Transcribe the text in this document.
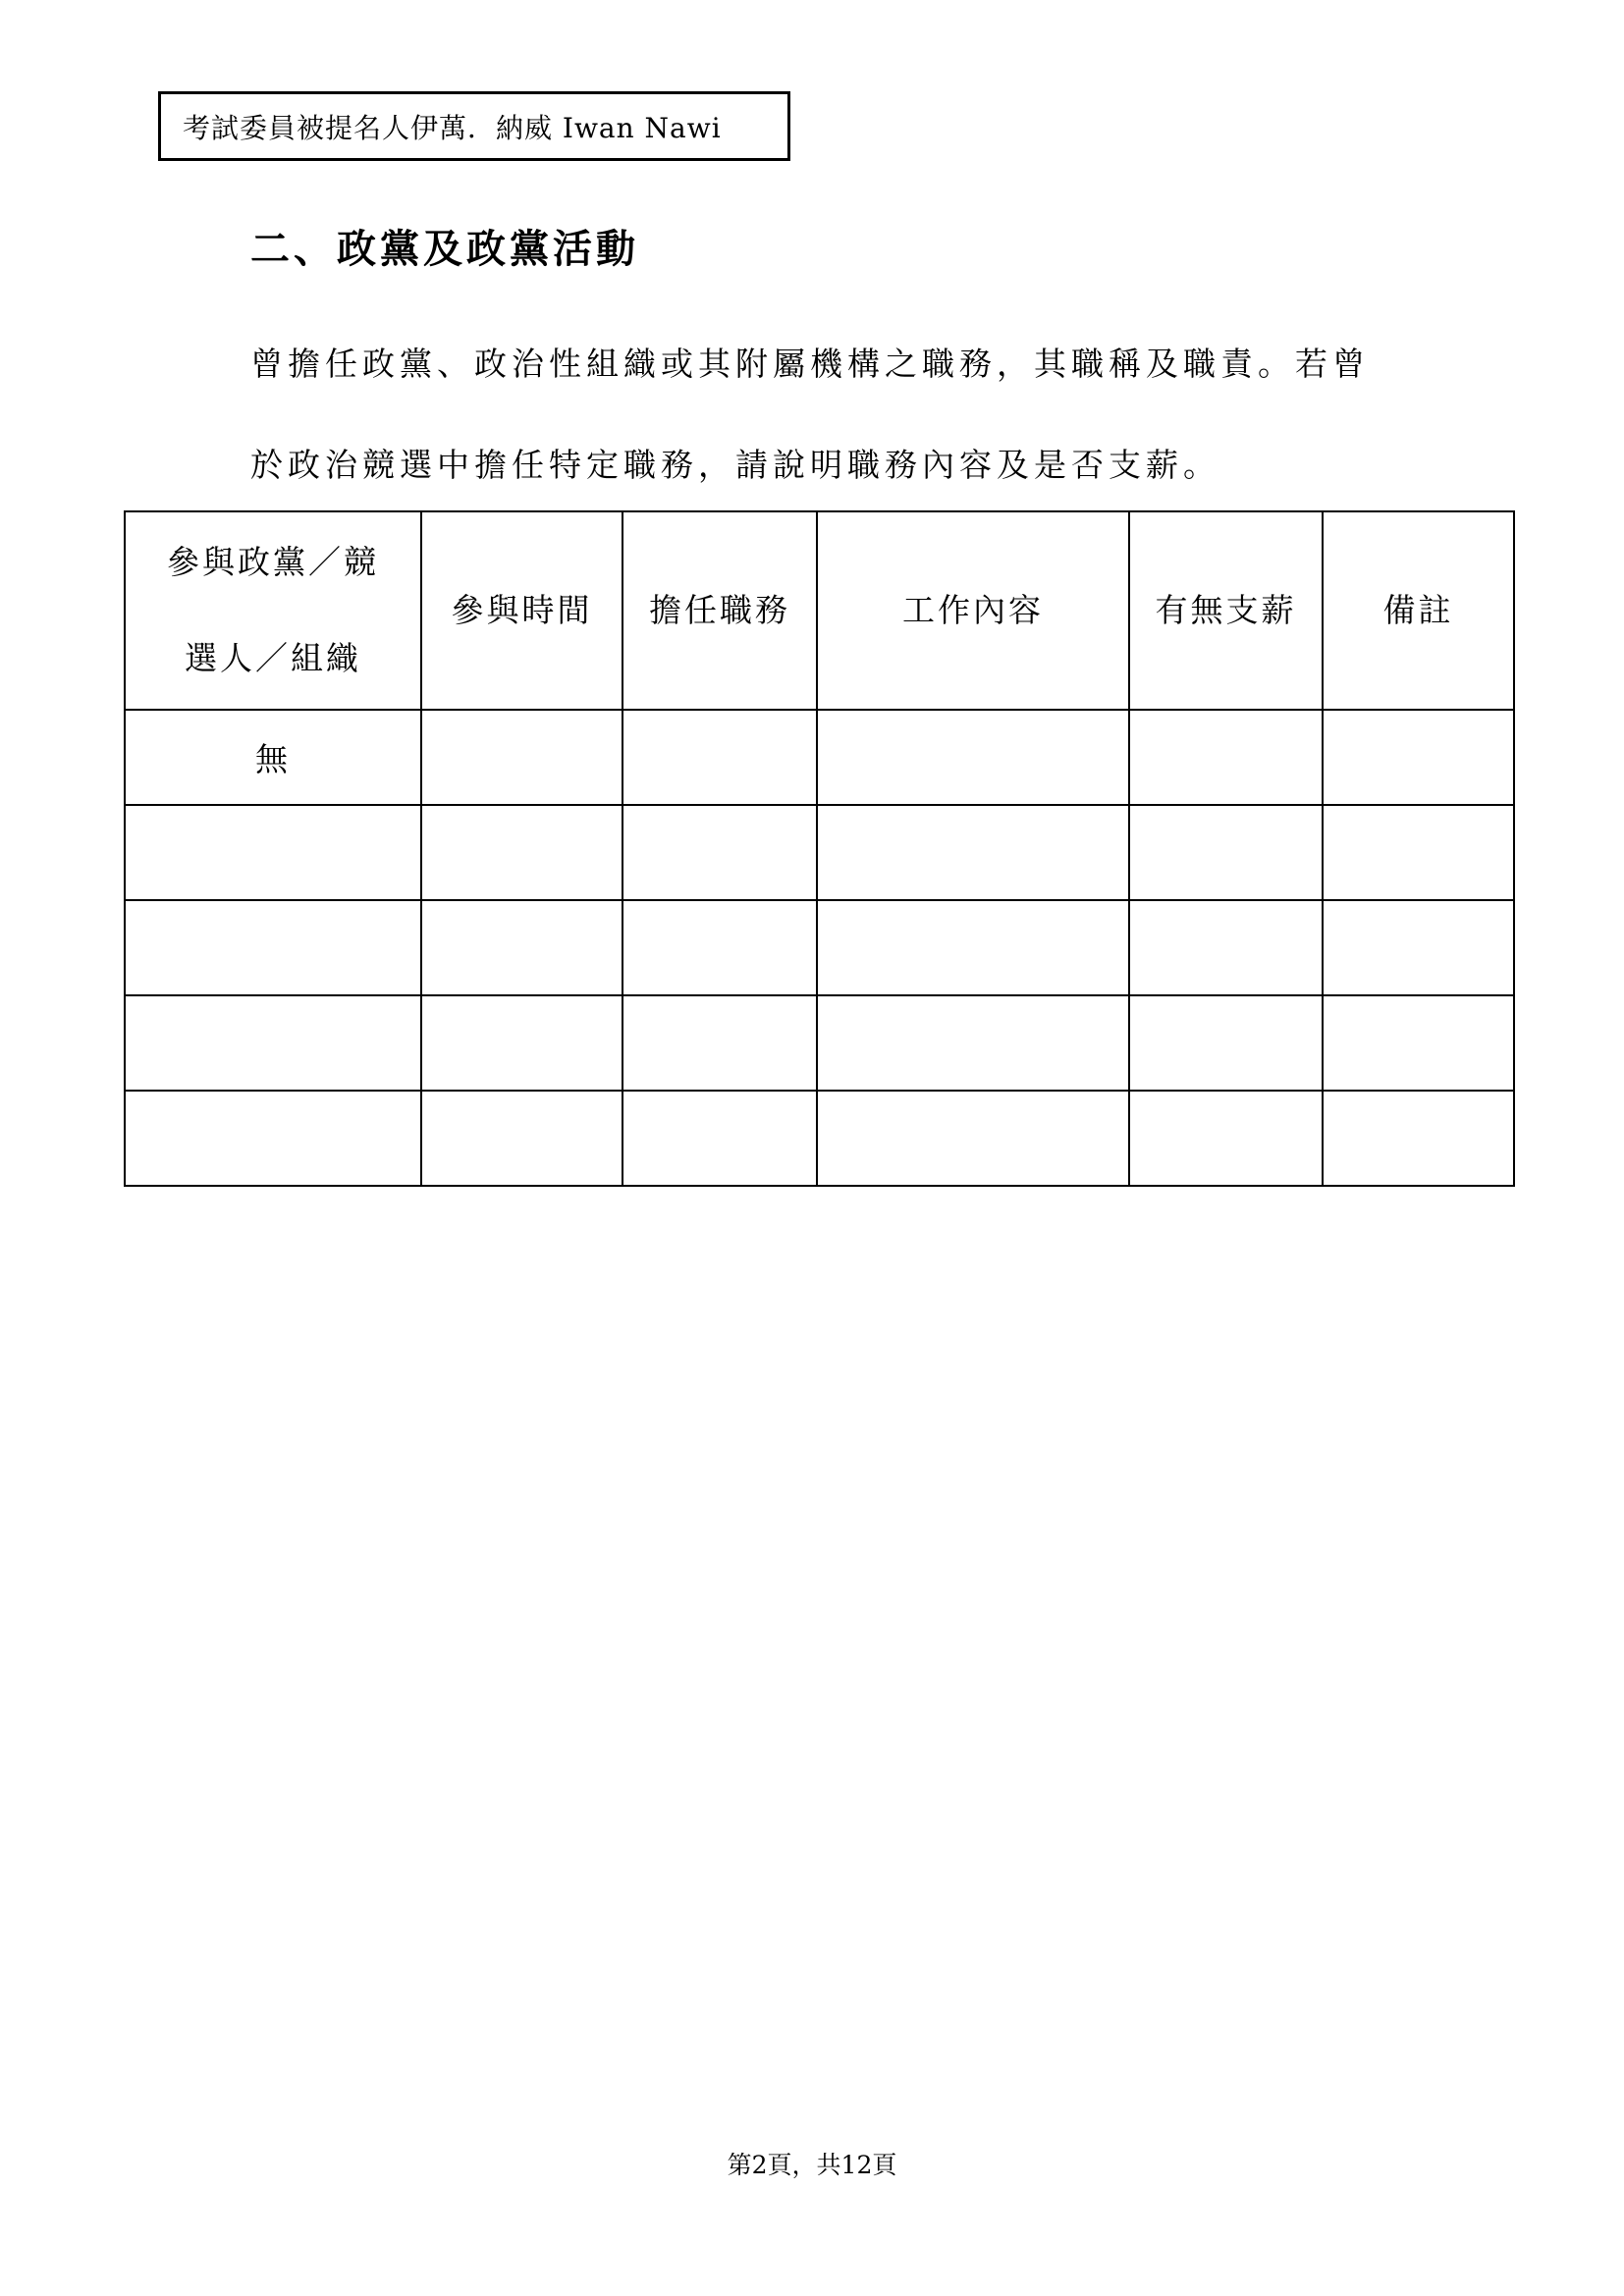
考試委員被提名人伊萬．納威 Iwan Nawi
二、政黨及政黨活動
曾擔任政黨、政治性組織或其附屬機構之職務，其職稱及職責。若曾
於政治競選中擔任特定職務，請說明職務內容及是否支薪。
參與政黨／競
選人／組織	參與時間	擔任職務	工作內容	有無支薪	備註
無					

第2頁，共12頁
